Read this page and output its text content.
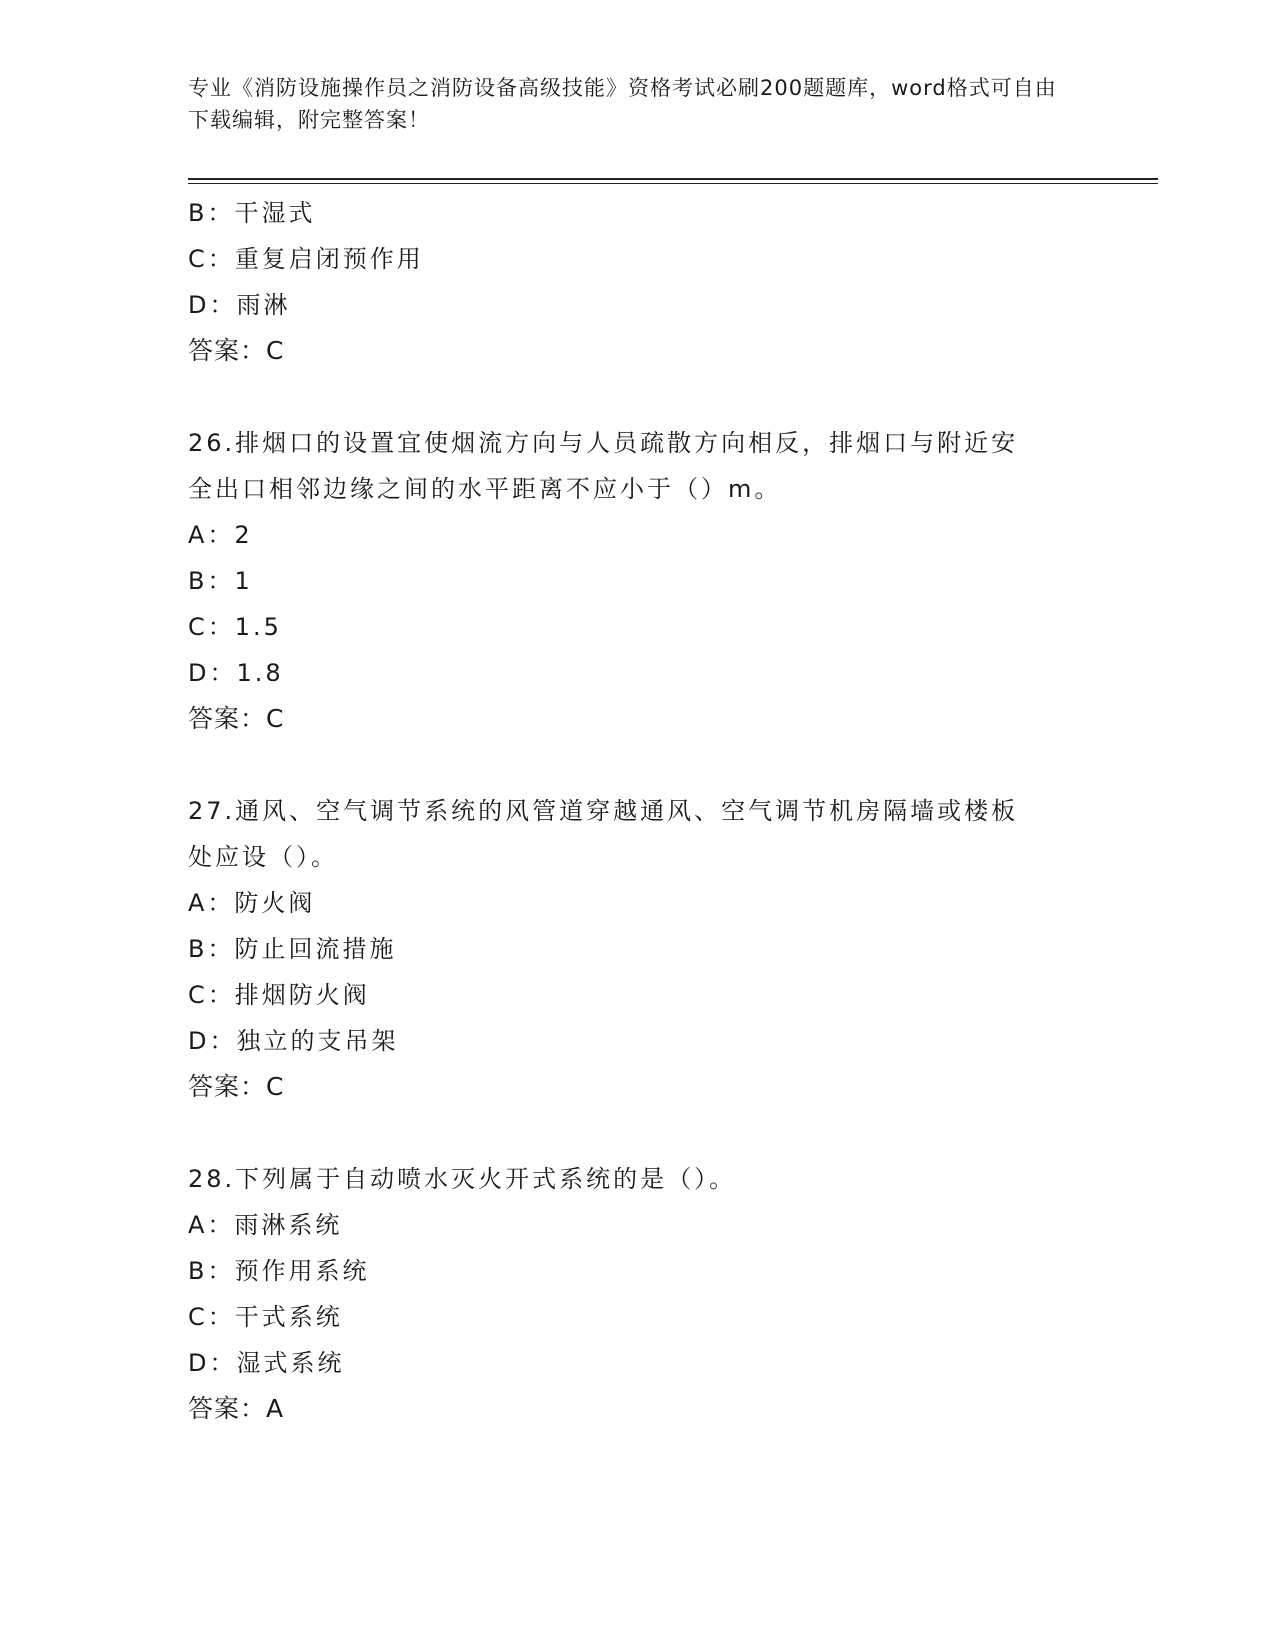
专业《消防设施操作员之消防设备高级技能》资格考试必刷200题题库，word格式可自由下载编辑，附完整答案！
B：干湿式
C：重复启闭预作用
D：雨淋
答案：C
26.排烟口的设置宜使烟流方向与人员疏散方向相反，排烟口与附近安
全出口相邻边缘之间的水平距离不应小于（）m。
A：2
B：1
C：1.5
D：1.8
答案：C
27.通风、空气调节系统的风管道穿越通风、空气调节机房隔墙或楼板
处应设（）。
A：防火阀
B：防止回流措施
C：排烟防火阀
D：独立的支吊架
答案：C
28.下列属于自动喷水灭火开式系统的是（）。
A：雨淋系统
B：预作用系统
C：干式系统
D：湿式系统
答案：A
